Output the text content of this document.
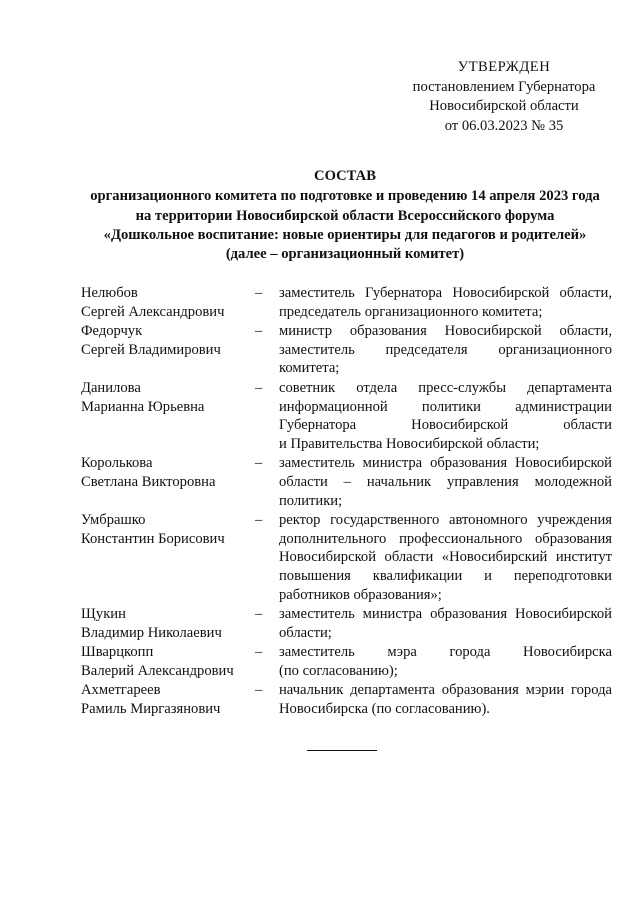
УТВЕРЖДЕН
постановлением Губернатора
Новосибирской области
от 06.03.2023 № 35
СОСТАВ
организационного комитета по подготовке и проведению 14 апреля 2023 года
на территории Новосибирской области Всероссийского форума
«Дошкольное воспитание: новые ориентиры для педагогов и родителей»
(далее – организационный комитет)
Нелюбов
Сергей Александрович
– заместитель Губернатора Новосибирской области,
председатель организационного комитета;
Федорчук
Сергей Владимирович
– министр образования Новосибирской области,
заместитель председателя организационного
комитета;
Данилова
Марианна Юрьевна
– советник отдела пресс-службы департамента
информационной политики администрации
Губернатора Новосибирской области
и Правительства Новосибирской области;
Королькова
Светлана Викторовна
– заместитель министра образования Новосибирской
области – начальник управления молодежной
политики;
Умбрашко
Константин Борисович
– ректор государственного автономного учреждения
дополнительного профессионального образования
Новосибирской области «Новосибирский институт
повышения квалификации и переподготовки
работников образования»;
Щукин
Владимир Николаевич
– заместитель министра образования Новосибирской
области;
Шварцкопп
Валерий Александрович
– заместитель мэра города Новосибирска
(по согласованию);
Ахметгареев
Рамиль Миргазянович
– начальник департамента образования мэрии города
Новосибирска (по согласованию).
